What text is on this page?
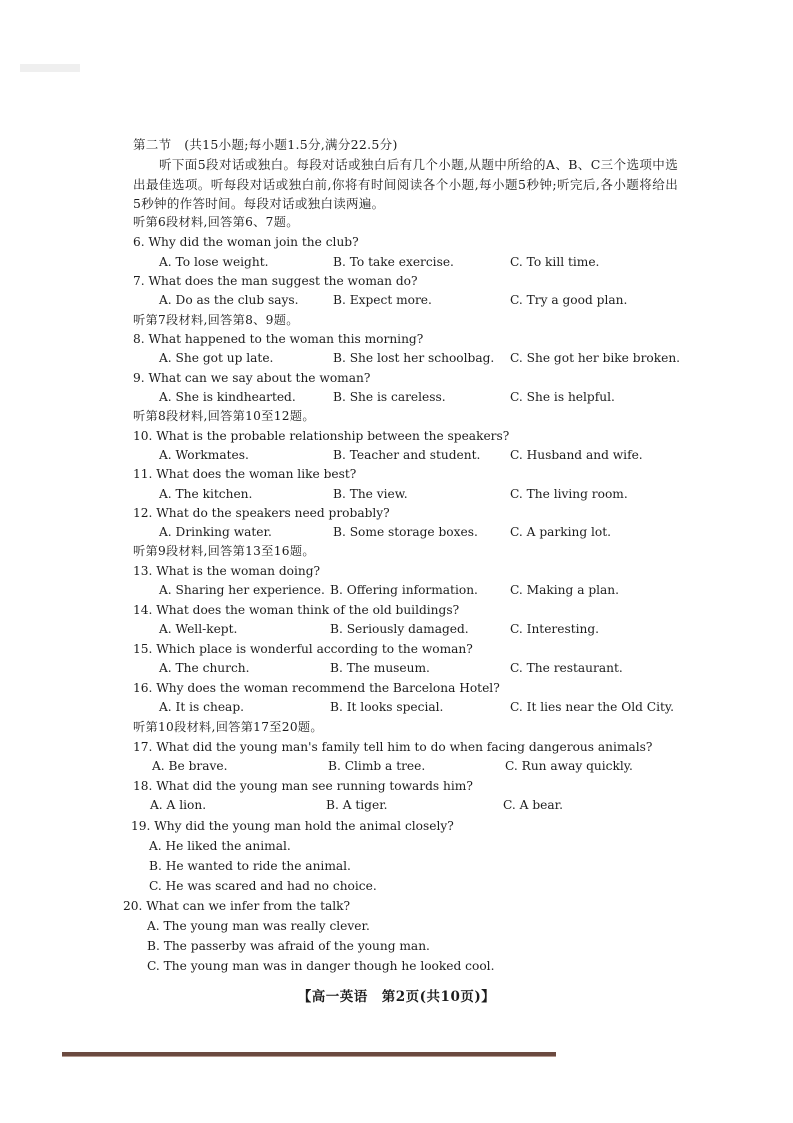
第二节　(共15小题;每小题1.5分,满分22.5分)
听下面5段对话或独白。每段对话或独白后有几个小题,从题中所给的A、B、C三个选项中选出最佳选项。听每段对话或独白前,你将有时间阅读各个小题,每小题5秒钟;听完后,各小题将给出5秒钟的作答时间。每段对话或独白读两遍。
听第6段材料,回答第6、7题。
6. Why did the woman join the club?
A. To lose weight.	B. To take exercise.	C. To kill time.
7. What does the man suggest the woman do?
A. Do as the club says.	B. Expect more.	C. Try a good plan.
听第7段材料,回答第8、9题。
8. What happened to the woman this morning?
A. She got up late.	B. She lost her schoolbag. C. She got her bike broken.
9. What can we say about the woman?
A. She is kindhearted.	B. She is careless.	C. She is helpful.
听第8段材料,回答第10至12题。
10. What is the probable relationship between the speakers?
A. Workmates.	B. Teacher and student. C. Husband and wife.
11. What does the woman like best?
A. The kitchen.	B. The view.	C. The living room.
12. What do the speakers need probably?
A. Drinking water.	B. Some storage boxes.	C. A parking lot.
听第9段材料,回答第13至16题。
13. What is the woman doing?
A. Sharing her experience. B. Offering information.	C. Making a plan.
14. What does the woman think of the old buildings?
A. Well-kept.	B. Seriously damaged.	C. Interesting.
15. Which place is wonderful according to the woman?
A. The church.	B. The museum.	C. The restaurant.
16. Why does the woman recommend the Barcelona Hotel?
A. It is cheap.	B. It looks special.	C. It lies near the Old City.
听第10段材料,回答第17至20题。
17. What did the young man's family tell him to do when facing dangerous animals?
A. Be brave.	B. Climb a tree.	C. Run away quickly.
18. What did the young man see running towards him?
A. A lion.	B. A tiger.	C. A bear.
19. Why did the young man hold the animal closely?
A. He liked the animal.
B. He wanted to ride the animal.
C. He was scared and had no choice.
20. What can we infer from the talk?
A. The young man was really clever.
B. The passerby was afraid of the young man.
C. The young man was in danger though he looked cool.
【高一英语　第2页(共10页)】
